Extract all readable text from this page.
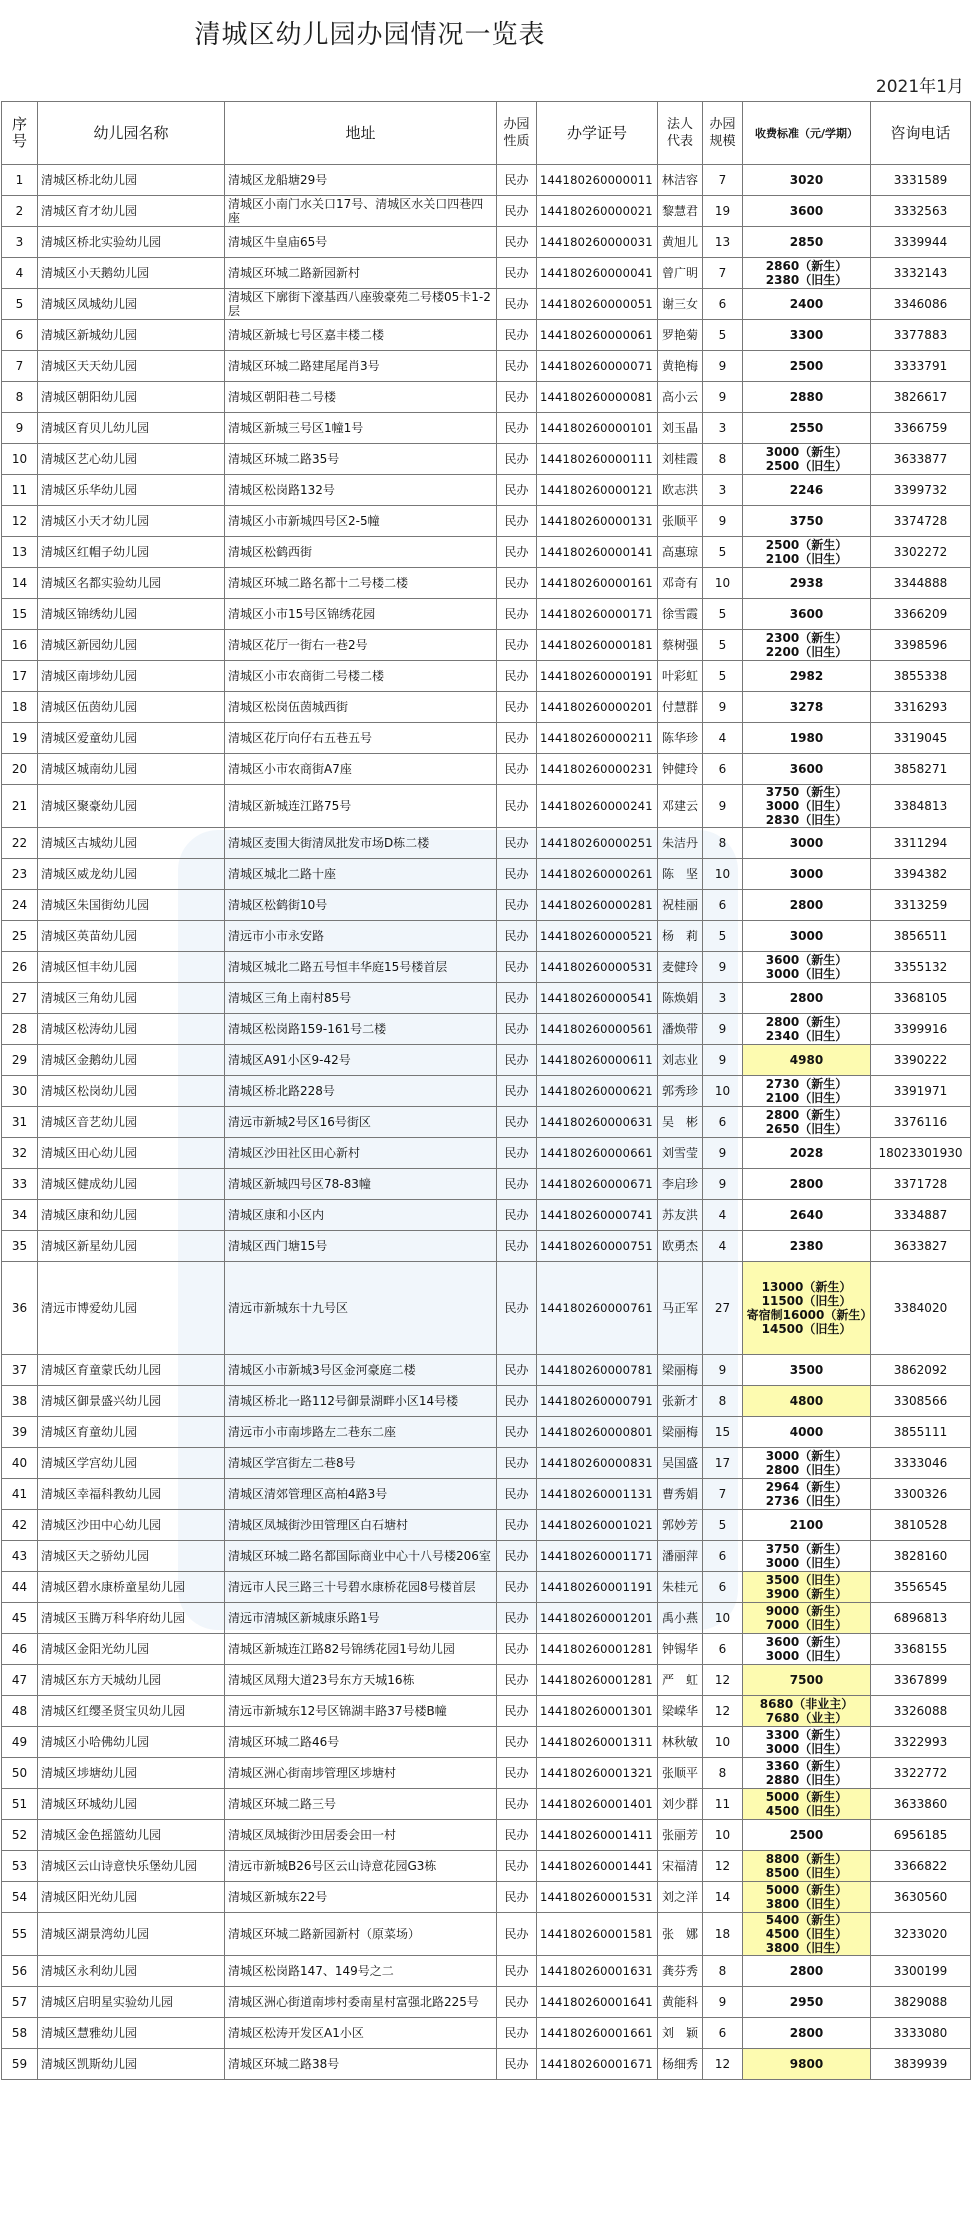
清城区幼儿园办园情况一览表
2021年1月
序号	幼儿园名称	地址	办园性质	办学证号	法人代表	办园规模	收费标准（元/学期）	咨询电话
1	清城区桥北幼儿园	清城区龙船塘29号	民办	144180260000011	林洁容	7	3020	3331589
2	清城区育才幼儿园	清城区小南门水关口17号、清城区水关口四巷四座	民办	144180260000021	黎慧君	19	3600	3332563
3	清城区桥北实验幼儿园	清城区牛皇庙65号	民办	144180260000031	黄旭儿	13	2850	3339944
4	清城区小天鹅幼儿园	清城区环城二路新园新村	民办	144180260000041	曾广明	7	2860（新生）
2380（旧生）	3332143
5	清城区凤城幼儿园	清城区下廓街下濠基西八座骏豪苑二号楼05卡1-2层	民办	144180260000051	谢三女	6	2400	3346086
6	清城区新城幼儿园	清城区新城七号区嘉丰楼二楼	民办	144180260000061	罗艳菊	5	3300	3377883
7	清城区天天幼儿园	清城区环城二路建尾尾肖3号	民办	144180260000071	黄艳梅	9	2500	3333791
8	清城区朝阳幼儿园	清城区朝阳巷二号楼	民办	144180260000081	高小云	9	2880	3826617
9	清城区育贝儿幼儿园	清城区新城三号区1幢1号	民办	144180260000101	刘玉晶	3	2550	3366759
10	清城区艺心幼儿园	清城区环城二路35号	民办	144180260000111	刘桂霞	8	3000（新生）
2500（旧生）	3633877
11	清城区乐华幼儿园	清城区松岗路132号	民办	144180260000121	欧志洪	3	2246	3399732
12	清城区小天才幼儿园	清城区小市新城四号区2-5幢	民办	144180260000131	张顺平	9	3750	3374728
13	清城区红帽子幼儿园	清城区松鹤西街	民办	144180260000141	高惠琼	5	2500（新生）
2100（旧生）	3302272
14	清城区名都实验幼儿园	清城区环城二路名都十二号楼二楼	民办	144180260000161	邓奇有	10	2938	3344888
15	清城区锦绣幼儿园	清城区小市15号区锦绣花园	民办	144180260000171	徐雪霞	5	3600	3366209
16	清城区新园幼儿园	清城区花厅一街右一巷2号	民办	144180260000181	蔡树强	5	2300（新生）
2200（旧生）	3398596
17	清城区南埗幼儿园	清城区小市农商街二号楼二楼	民办	144180260000191	叶彩虹	5	2982	3855338
18	清城区伍茵幼儿园	清城区松岗伍茵城西街	民办	144180260000201	付慧群	9	3278	3316293
19	清城区爱童幼儿园	清城区花厅向仔右五巷五号	民办	144180260000211	陈华珍	4	1980	3319045
20	清城区城南幼儿园	清城区小市农商街A7座	民办	144180260000231	钟健玲	6	3600	3858271
21	清城区聚豪幼儿园	清城区新城连江路75号	民办	144180260000241	邓建云	9	3750（新生）
3000（旧生）
2830（旧生）	3384813
22	清城区古城幼儿园	清城区麦围大街清凤批发市场D栋二楼	民办	144180260000251	朱洁丹	8	3000	3311294
23	清城区威龙幼儿园	清城区城北二路十座	民办	144180260000261	陈　坚	10	3000	3394382
24	清城区朱国街幼儿园	清城区松鹤街10号	民办	144180260000281	祝桂丽	6	2800	3313259
25	清城区英苗幼儿园	清远市小市永安路	民办	144180260000521	杨　莉	5	3000	3856511
26	清城区恒丰幼儿园	清城区城北二路五号恒丰华庭15号楼首层	民办	144180260000531	麦健玲	9	3600（新生）
3000（旧生）	3355132
27	清城区三角幼儿园	清城区三角上南村85号	民办	144180260000541	陈焕娟	3	2800	3368105
28	清城区松涛幼儿园	清城区松岗路159-161号二楼	民办	144180260000561	潘焕带	9	2800（新生）
2340（旧生）	3399916
29	清城区金鹅幼儿园	清城区A91小区9-42号	民办	144180260000611	刘志业	9	4980	3390222
30	清城区松岗幼儿园	清城区桥北路228号	民办	144180260000621	郭秀珍	10	2730（新生）
2100（旧生）	3391971
31	清城区音艺幼儿园	清远市新城2号区16号街区	民办	144180260000631	吴　彬	6	2800（新生）
2650（旧生）	3376116
32	清城区田心幼儿园	清城区沙田社区田心新村	民办	144180260000661	刘雪莹	9	2028	18023301930
33	清城区健成幼儿园	清城区新城四号区78-83幢	民办	144180260000671	李启珍	9	2800	3371728
34	清城区康和幼儿园	清城区康和小区内	民办	144180260000741	苏友洪	4	2640	3334887
35	清城区新星幼儿园	清城区西门塘15号	民办	144180260000751	欧勇杰	4	2380	3633827
36	清远市博爱幼儿园	清远市新城东十九号区	民办	144180260000761	马正军	27	13000（新生）
11500（旧生）
寄宿制16000（新生）14500（旧生）	3384020
37	清城区育童蒙氏幼儿园	清城区小市新城3号区金河豪庭二楼	民办	144180260000781	梁丽梅	9	3500	3862092
38	清城区御景盛兴幼儿园	清城区桥北一路112号御景湖畔小区14号楼	民办	144180260000791	张新才	8	4800	3308566
39	清城区育童幼儿园	清远市小市南埗路左二巷东二座	民办	144180260000801	梁丽梅	15	4000	3855111
40	清城区学宫幼儿园	清城区学宫街左二巷8号	民办	144180260000831	吴国盛	17	3000（新生）
2800（旧生）	3333046
41	清城区幸福科教幼儿园	清城区清郊管理区高柏4路3号	民办	144180260001131	曹秀娟	7	2964（新生）
2736（旧生）	3300326
42	清城区沙田中心幼儿园	清城区凤城街沙田管理区白石塘村	民办	144180260001021	郭妙芳	5	2100	3810528
43	清城区天之骄幼儿园	清城区环城二路名都国际商业中心十八号楼206室	民办	144180260001171	潘丽萍	6	3750（新生）
3000（旧生）	3828160
44	清城区碧水康桥童星幼儿园	清远市人民三路三十号碧水康桥花园8号楼首层	民办	144180260001191	朱桂元	6	3500（旧生）
3900（新生）	3556545
45	清城区玉腾万科华府幼儿园	清远市清城区新城康乐路1号	民办	144180260001201	禹小燕	10	9000（新生）
7000（旧生）	6896813
46	清城区金阳光幼儿园	清城区新城连江路82号锦绣花园1号幼儿园	民办	144180260001281	钟锡华	6	3600（新生）
3000（旧生）	3368155
47	清城区东方天城幼儿园	清城区凤翔大道23号东方天城16栋	民办	144180260001281	严　虹	12	7500	3367899
48	清城区红缨圣贤宝贝幼儿园	清远市新城东12号区锦湖丰路37号楼B幢	民办	144180260001301	梁嵘华	12	8680（非业主）
7680（业主）	3326088
49	清城区小哈佛幼儿园	清城区环城二路46号	民办	144180260001311	林秋敏	10	3300（新生）
3000（旧生）	3322993
50	清城区埗塘幼儿园	清城区洲心街南埗管理区埗塘村	民办	144180260001321	张顺平	8	3360（新生）
2880（旧生）	3322772
51	清城区环城幼儿园	清城区环城二路三号	民办	144180260001401	刘少群	11	5000（新生）
4500（旧生）	3633860
52	清城区金色摇篮幼儿园	清城区凤城街沙田居委会田一村	民办	144180260001411	张丽芳	10	2500	6956185
53	清城区云山诗意快乐堡幼儿园	清远市新城B26号区云山诗意花园G3栋	民办	144180260001441	宋福清	12	8800（新生）
8500（旧生）	3366822
54	清城区阳光幼儿园	清城区新城东22号	民办	144180260001531	刘之洋	14	5000（新生）
3800（旧生）	3630560
55	清城区湖景湾幼儿园	清城区环城二路新园新村（原菜场）	民办	144180260001581	张　娜	18	5400（新生）
4500（旧生）
3800（旧生）	3233020
56	清城区永利幼儿园	清城区松岗路147、149号之二	民办	144180260001631	龚芬秀	8	2800	3300199
57	清城区启明星实验幼儿园	清城区洲心街道南埗村委南星村富强北路225号	民办	144180260001641	黄能科	9	2950	3829088
58	清城区慧雅幼儿园	清城区松涛开发区A1小区	民办	144180260001661	刘　颖	6	2800	3333080
59	清城区凯斯幼儿园	清城区环城二路38号	民办	144180260001671	杨细秀	12	9800	3839939
